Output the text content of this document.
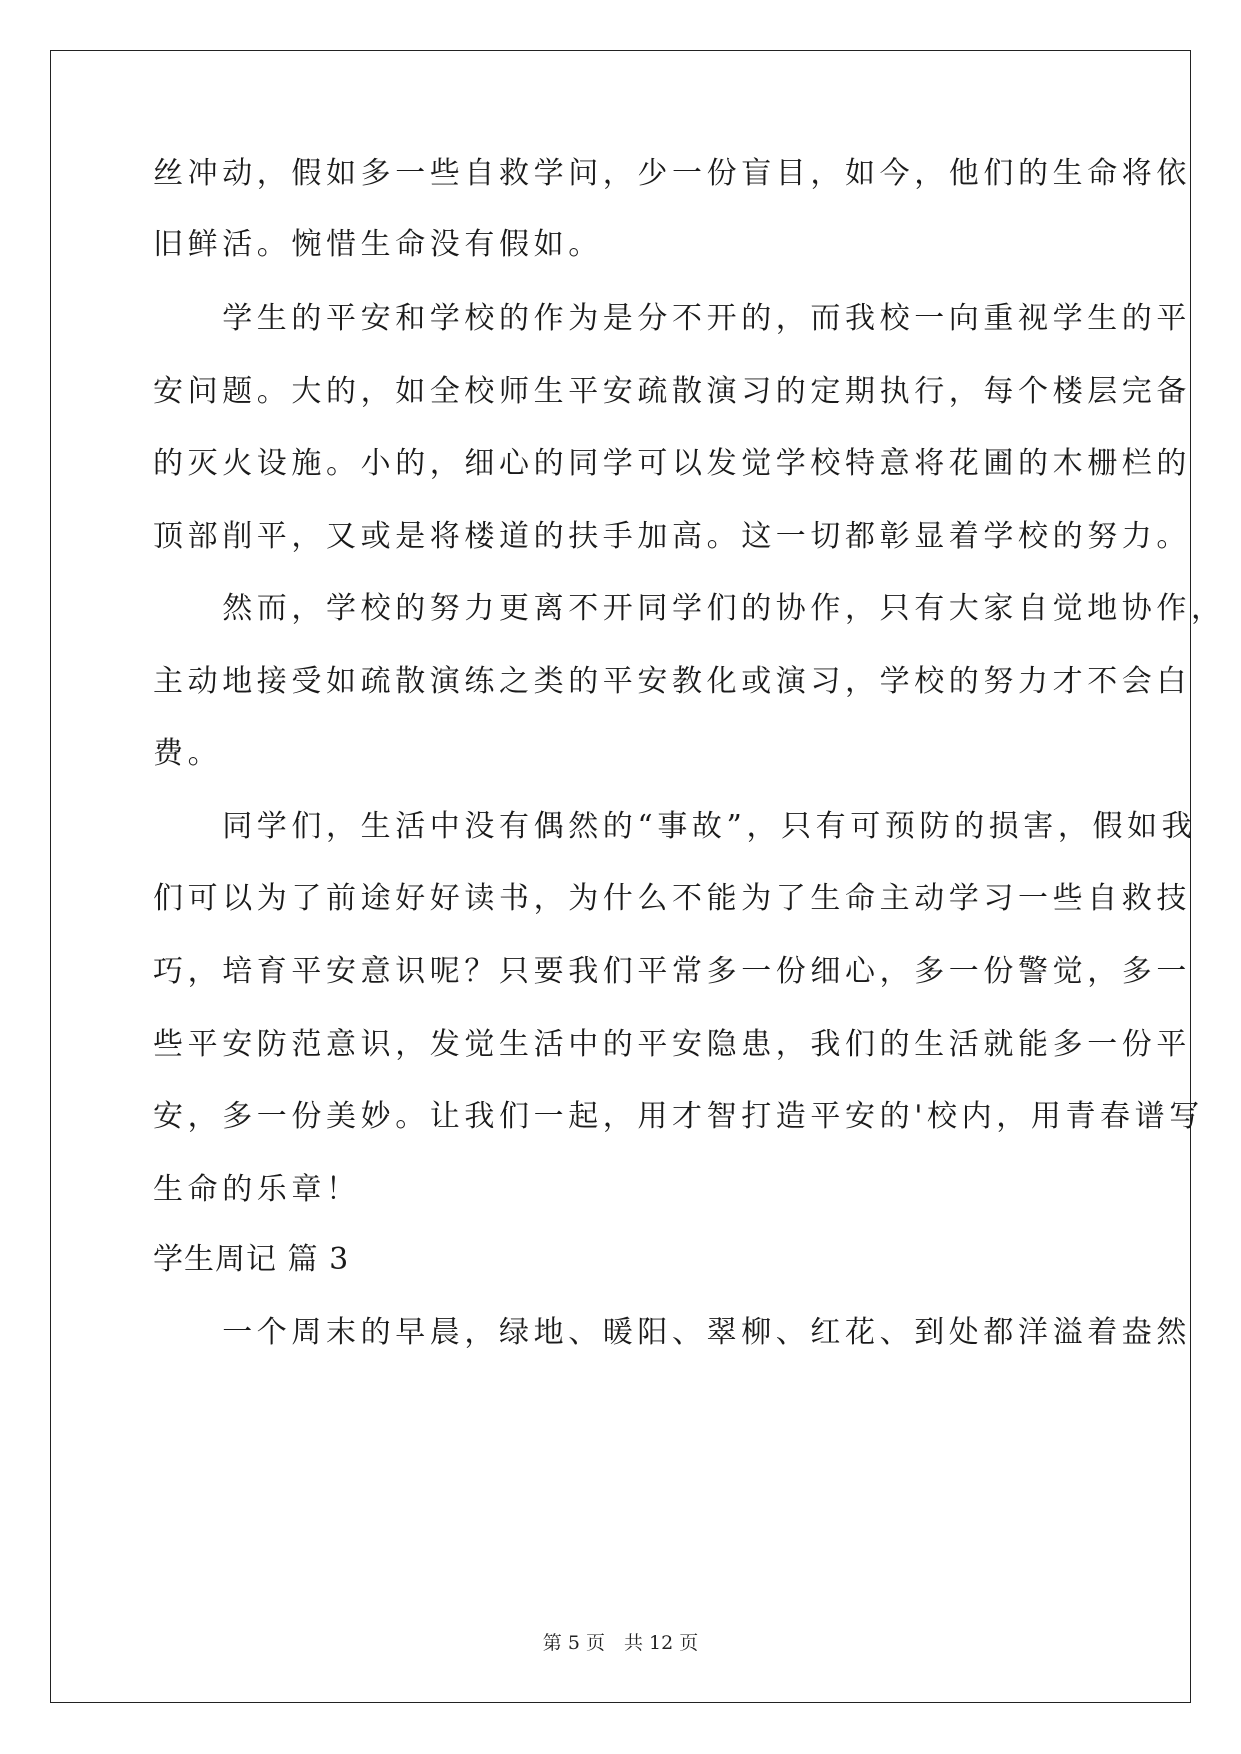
丝冲动，假如多一些自救学问，少一份盲目，如今，他们的生命将依
旧鲜活。惋惜生命没有假如。
　　学生的平安和学校的作为是分不开的，而我校一向重视学生的平
安问题。大的，如全校师生平安疏散演习的定期执行，每个楼层完备
的灭火设施。小的，细心的同学可以发觉学校特意将花圃的木栅栏的
顶部削平，又或是将楼道的扶手加高。这一切都彰显着学校的努力。
　　然而，学校的努力更离不开同学们的协作，只有大家自觉地协作，
主动地接受如疏散演练之类的平安教化或演习，学校的努力才不会白
费。
　　同学们，生活中没有偶然的“事故”，只有可预防的损害，假如我
们可以为了前途好好读书，为什么不能为了生命主动学习一些自救技
巧，培育平安意识呢？只要我们平常多一份细心，多一份警觉，多一
些平安防范意识，发觉生活中的平安隐患，我们的生活就能多一份平
安，多一份美妙。让我们一起，用才智打造平安的'校内，用青春谱写
生命的乐章！
学生周记 篇 3
　　一个周末的早晨，绿地、暖阳、翠柳、红花、到处都洋溢着盎然
第 5 页　共 12 页
